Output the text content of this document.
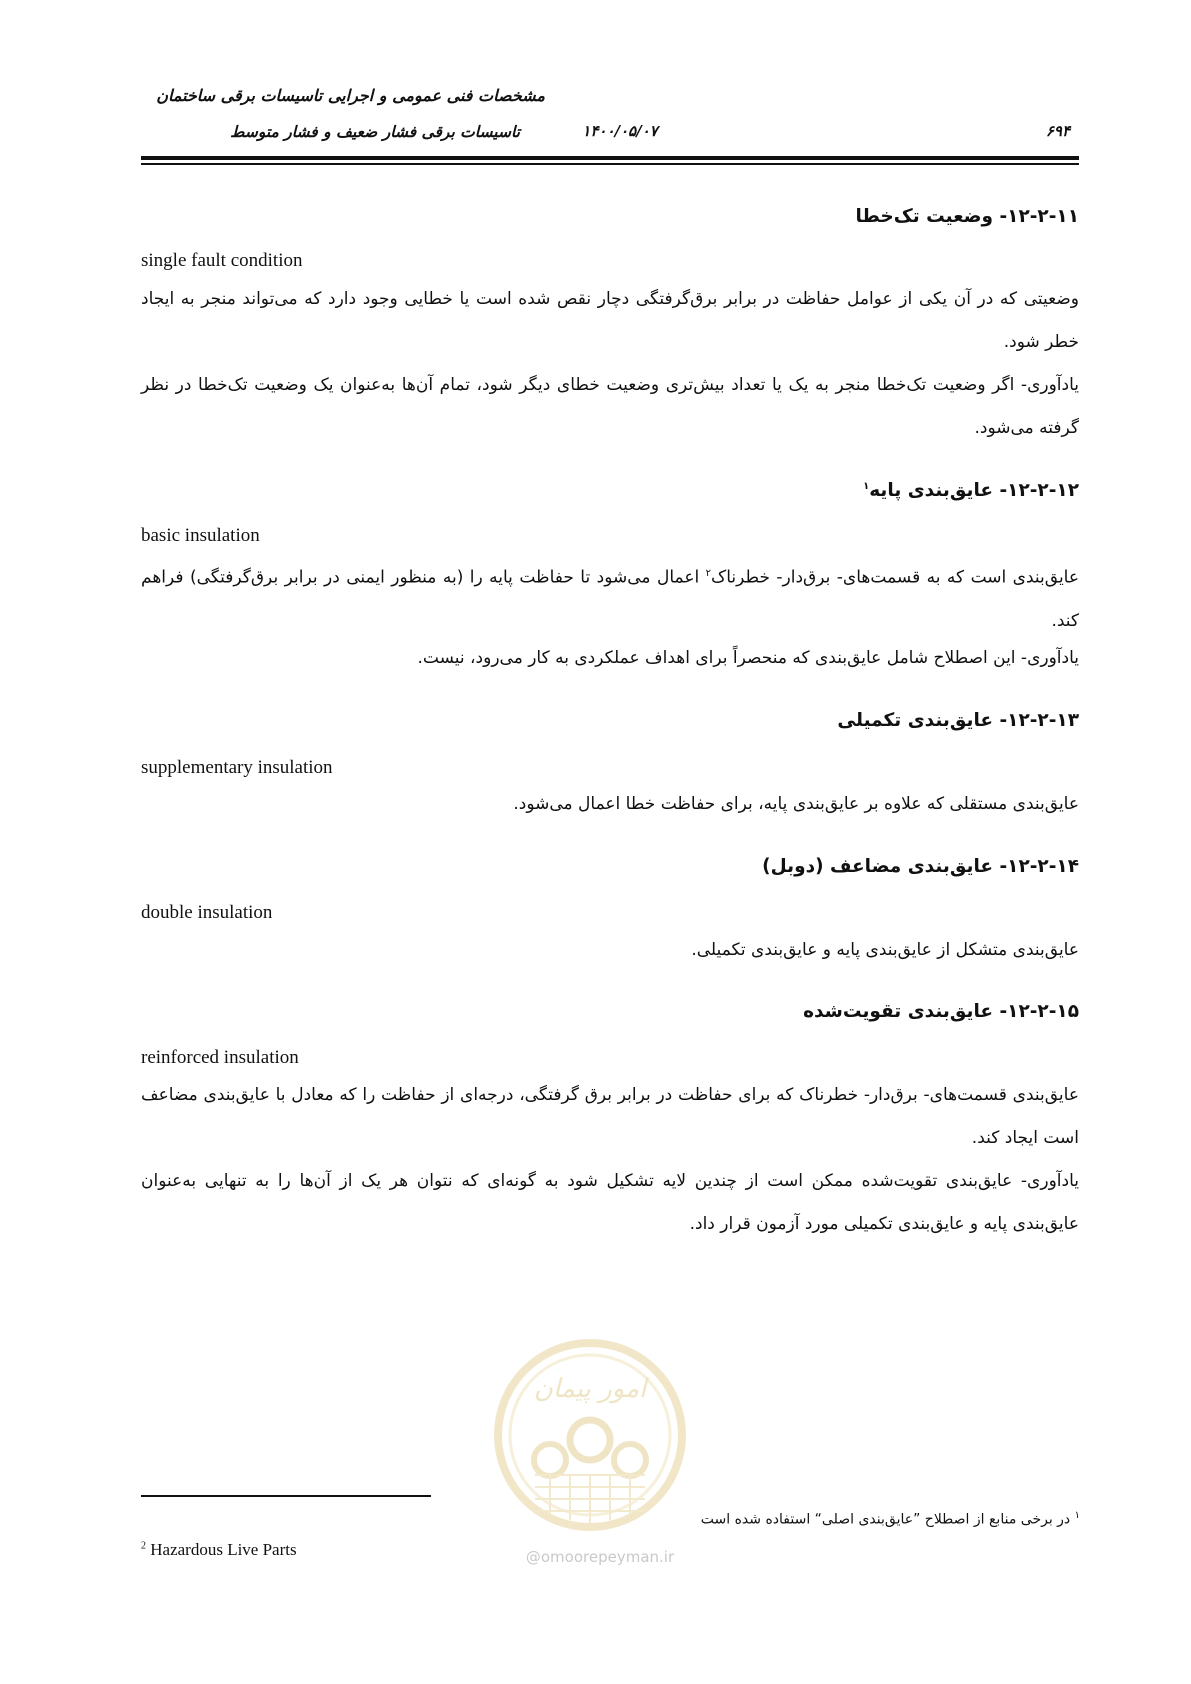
مشخصات فنی عمومی و اجرایی تاسیسات برقی ساختمان
تاسیسات برقی فشار ضعیف و فشار متوسط	۱۴۰۰/۰۵/۰۷	۶۹۴
امور پیمان
@omoorepeyman.ir
۱۲-۲-۱۱- وضعیت تک‌خطا
single fault condition
وضعیتی که در آن یکی از عوامل حفاظت در برابر برق‌گرفتگی دچار نقص شده است یا خطایی وجود دارد که می‌تواند منجر به ایجاد خطر شود.
یادآوری- اگر وضعیت تک‌خطا منجر به یک یا تعداد بیش‌تری وضعیت خطای دیگر شود، تمام آن‌ها به‌عنوان یک وضعیت تک‌خطا در نظر گرفته می‌شود.
۱۲-۲-۱۲- عایق‌بندی پایه$^۱$
basic insulation
عایق‌بندی است که به قسمت‌های- برق‌دار- خطرناک$^۲$ اعمال می‌شود تا حفاظت پایه را (به منظور ایمنی در برابر برق‌گرفتگی) فراهم کند.
یادآوری- این اصطلاح شامل عایق‌بندی که منحصراً برای اهداف عملکردی به کار می‌رود، نیست.
۱۲-۲-۱۳- عایق‌بندی تکمیلی
supplementary insulation
عایق‌بندی مستقلی که علاوه بر عایق‌بندی پایه، برای حفاظت خطا اعمال می‌شود.
۱۲-۲-۱۴- عایق‌بندی مضاعف (دوبل)
double insulation
عایق‌بندی متشکل از عایق‌بندی پایه و عایق‌بندی تکمیلی.
۱۲-۲-۱۵- عایق‌بندی تقویت‌شده
reinforced insulation
عایق‌بندی قسمت‌های- برق‌دار- خطرناک که برای حفاظت در برابر برق گرفتگی، درجه‌ای از حفاظت را که معادل با عایق‌بندی مضاعف است ایجاد کند.
یادآوری- عایق‌بندی تقویت‌شده ممکن است از چندین لایه تشکیل شود به گونه‌ای که نتوان هر یک از آن‌ها را به تنهایی به‌عنوان عایق‌بندی پایه و عایق‌بندی تکمیلی مورد آزمون قرار داد.
$^۱$ در برخی منابع از اصطلاح ”عایق‌بندی اصلی“ استفاده شده است
$^2$ Hazardous Live Parts
